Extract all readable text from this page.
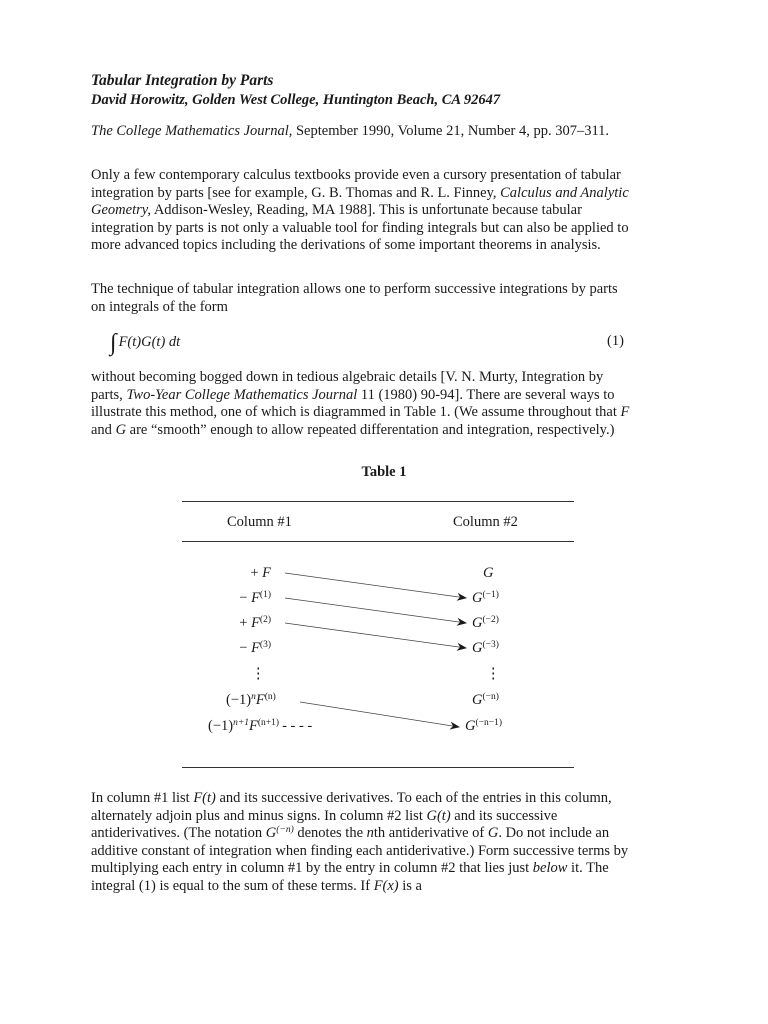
Tabular Integration by Parts
David Horowitz, Golden West College, Huntington Beach, CA 92647

The College Mathematics Journal, September 1990, Volume 21, Number 4, pp. 307–311.

Only a few contemporary calculus textbooks provide even a cursory presentation of tabular integration by parts [see for example, G. B. Thomas and R. L. Finney, Calculus and Analytic Geometry, Addison-Wesley, Reading, MA 1988]. This is unfortunate because tabular integration by parts is not only a valuable tool for finding integrals but can also be applied to more advanced topics including the derivations of some important theorems in analysis.

The technique of tabular integration allows one to perform successive integrations by parts on integrals of the form

∫ F(t)G(t) dt	(1)

without becoming bogged down in tedious algebraic details [V. N. Murty, Integration by parts, Two-Year College Mathematics Journal 11 (1980) 90-94]. There are several ways to illustrate this method, one of which is diagrammed in Table 1. (We assume throughout that F and G are “smooth” enough to allow repeated differentation and integration, respectively.)

Table 1
Column #1	Column #2
+ F
− $F^{(1)}$
+ $F^{(2)}$
− $F^{(3)}$
⋮
$(-1)^nF^{(n)}$
$(-1)^{n+1}F^{(n+1)}$ - - - -
G
$G^{(-1)}$
$G^{(-2)}$
$G^{(-3)}$
⋮
$G^{(-n)}$
$G^{(-n-1)}$

In column #1 list F(t) and its successive derivatives. To each of the entries in this column, alternately adjoin plus and minus signs. In column #2 list G(t) and its successive antiderivatives. (The notation $G^{(-n)}$ denotes the nth antiderivative of G. Do not include an additive constant of integration when finding each antiderivative.) Form successive terms by multiplying each entry in column #1 by the entry in column #2 that lies just below it. The integral (1) is equal to the sum of these terms. If F(x) is a
